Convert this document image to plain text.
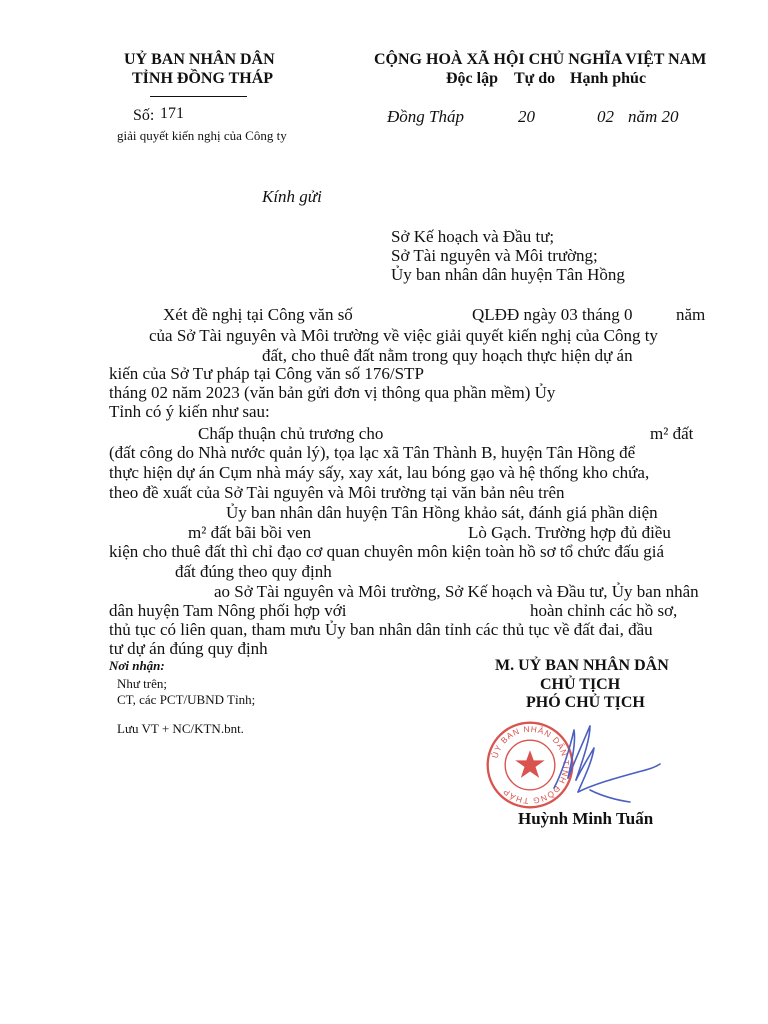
UỶ BAN NHÂN DÂN
TỈNH ĐỒNG THÁP
CỘNG HOÀ XÃ HỘI CHỦ NGHĨA VIỆT NAM
Độc lập Tự do Hạnh phúc
Số: 171
giải quyết kiến nghị của Công ty
Đồng Tháp	20	02 năm 20
Kính gửi
Sở Kế hoạch và Đầu tư;
Sở Tài nguyên và Môi trường;
Ủy ban nhân dân huyện Tân Hồng
Xét đề nghị tại Công văn số	QLĐĐ ngày 03 tháng 0	năm
của Sở Tài nguyên và Môi trường về việc giải quyết kiến nghị của Công ty
đất, cho thuê đất nằm trong quy hoạch thực hiện dự án
kiến của Sở Tư pháp tại Công văn số 176/STP
tháng 02 năm 2023 (văn bản gửi đơn vị thông qua phần mềm) Ủy
Tỉnh có ý kiến như sau:
Chấp thuận chủ trương cho	m² đất
(đất công do Nhà nước quản lý), tọa lạc xã Tân Thành B, huyện Tân Hồng để
thực hiện dự án Cụm nhà máy sấy, xay xát, lau bóng gạo và hệ thống kho chứa,
theo đề xuất của Sở Tài nguyên và Môi trường tại văn bản nêu trên
Ủy ban nhân dân huyện Tân Hồng khảo sát, đánh giá phần diện
m² đất bãi bồi ven	Lò Gạch. Trường hợp đủ điều
kiện cho thuê đất thì chỉ đạo cơ quan chuyên môn kiện toàn hồ sơ tổ chức đấu giá
đất đúng theo quy định
ao Sở Tài nguyên và Môi trường, Sở Kế hoạch và Đầu tư, Ủy ban nhân
dân huyện Tam Nông phối hợp với	hoàn chỉnh các hồ sơ,
thủ tục có liên quan, tham mưu Ủy ban nhân dân tỉnh các thủ tục về đất đai, đầu
tư dự án đúng quy định
Nơi nhận:
Như trên;
CT, các PCT/UBND Tỉnh;
Lưu VT + NC/KTN.bnt.
M. UỶ BAN NHÂN DÂN
CHỦ TỊCH
PHÓ CHỦ TỊCH
ỦY BAN NHÂN DÂN TỈNH ĐỒNG THÁP
Huỳnh Minh Tuấn
